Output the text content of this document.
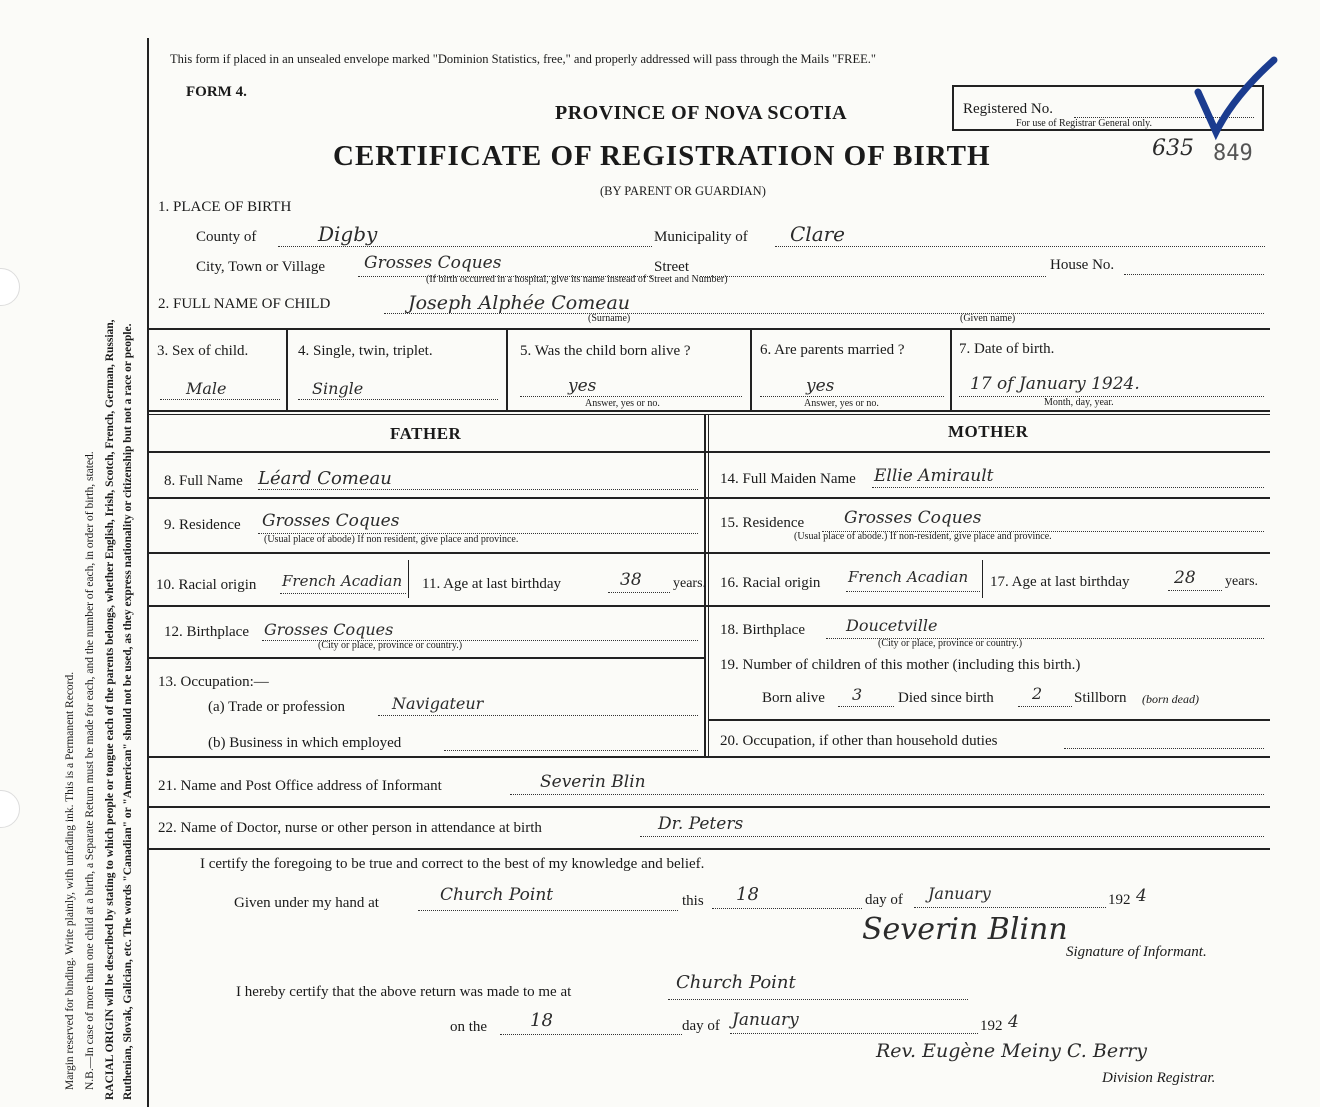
Margin reserved for binding. Write plainly, with unfading ink. This is a Permanent Record. N.B.—In case of more than one child at a birth, a Separate Return must be made for each, and the number of each, in order of birth, stated. RACIAL ORIGIN will be described by stating to which people or tongue each of the parents belongs, whether English, Irish, Scotch, French, German, Russian, Ruthenian, Slovak, Galician, etc. The words "Canadian" or "American" should not be used, as they express nationality or citizenship but not a race or people.
This form if placed in an unsealed envelope marked "Dominion Statistics, free," and properly addressed will pass through the Mails "FREE."
FORM 4.
PROVINCE OF NOVA SCOTIA
CERTIFICATE OF REGISTRATION OF BIRTH
(BY PARENT OR GUARDIAN)
Registered No.
For use of Registrar General only.
635 849
1. PLACE OF BIRTH
County of	Digby	Municipality of Clare
City, Town or Village Grosses Coques
(If birth occurred in a hospital, give its name instead of Street and Number)
Street	House No.
2. FULL NAME OF CHILD	Joseph Alphée Comeau
(Surname)	(Given name)
3. Sex of child.
Male
4. Single, twin, triplet.
Single
5. Was the child born alive ?
yes
Answer, yes or no.
6. Are parents married ?
yes
Answer, yes or no.
7. Date of birth.
17 of January 1924.
Month, day, year.
FATHER	MOTHER
8. Full Name Léard Comeau
9. Residence Grosses Coques
(Usual place of abode) If non resident, give place and province.
10. Racial origin French Acadian 11. Age at last birthday	38 years.
12. Birthplace Grosses Coques
(City or place, province or country.)
13. Occupation:—
(a) Trade or profession	Navigateur
(b) Business in which employed
14. Full Maiden Name Ellie Amirault
15. Residence Grosses Coques
(Usual place of abode.) If non-resident, give place and province.
16. Racial origin French Acadian 17. Age at last birthday	28 years.
18. Birthplace	Doucetville
(City or place, province or country.)
19. Number of children of this mother (including this birth.)
Born alive 3 Died since birth 2 Stillborn (born dead)
20. Occupation, if other than household duties
21. Name and Post Office address of Informant	Severin Blin
22. Name of Doctor, nurse or other person in attendance at birth	Dr. Peters
I certify the foregoing to be true and correct to the best of my knowledge and belief.
Given under my hand at	Church Point	this 18	day of January	192 4
Severin Blinn
Signature of Informant.
I hereby certify that the above return was made to me at	Church Point
on the 18	day of January	192 4
Rev. Eugène Meiny C. Berry
Division Registrar.
